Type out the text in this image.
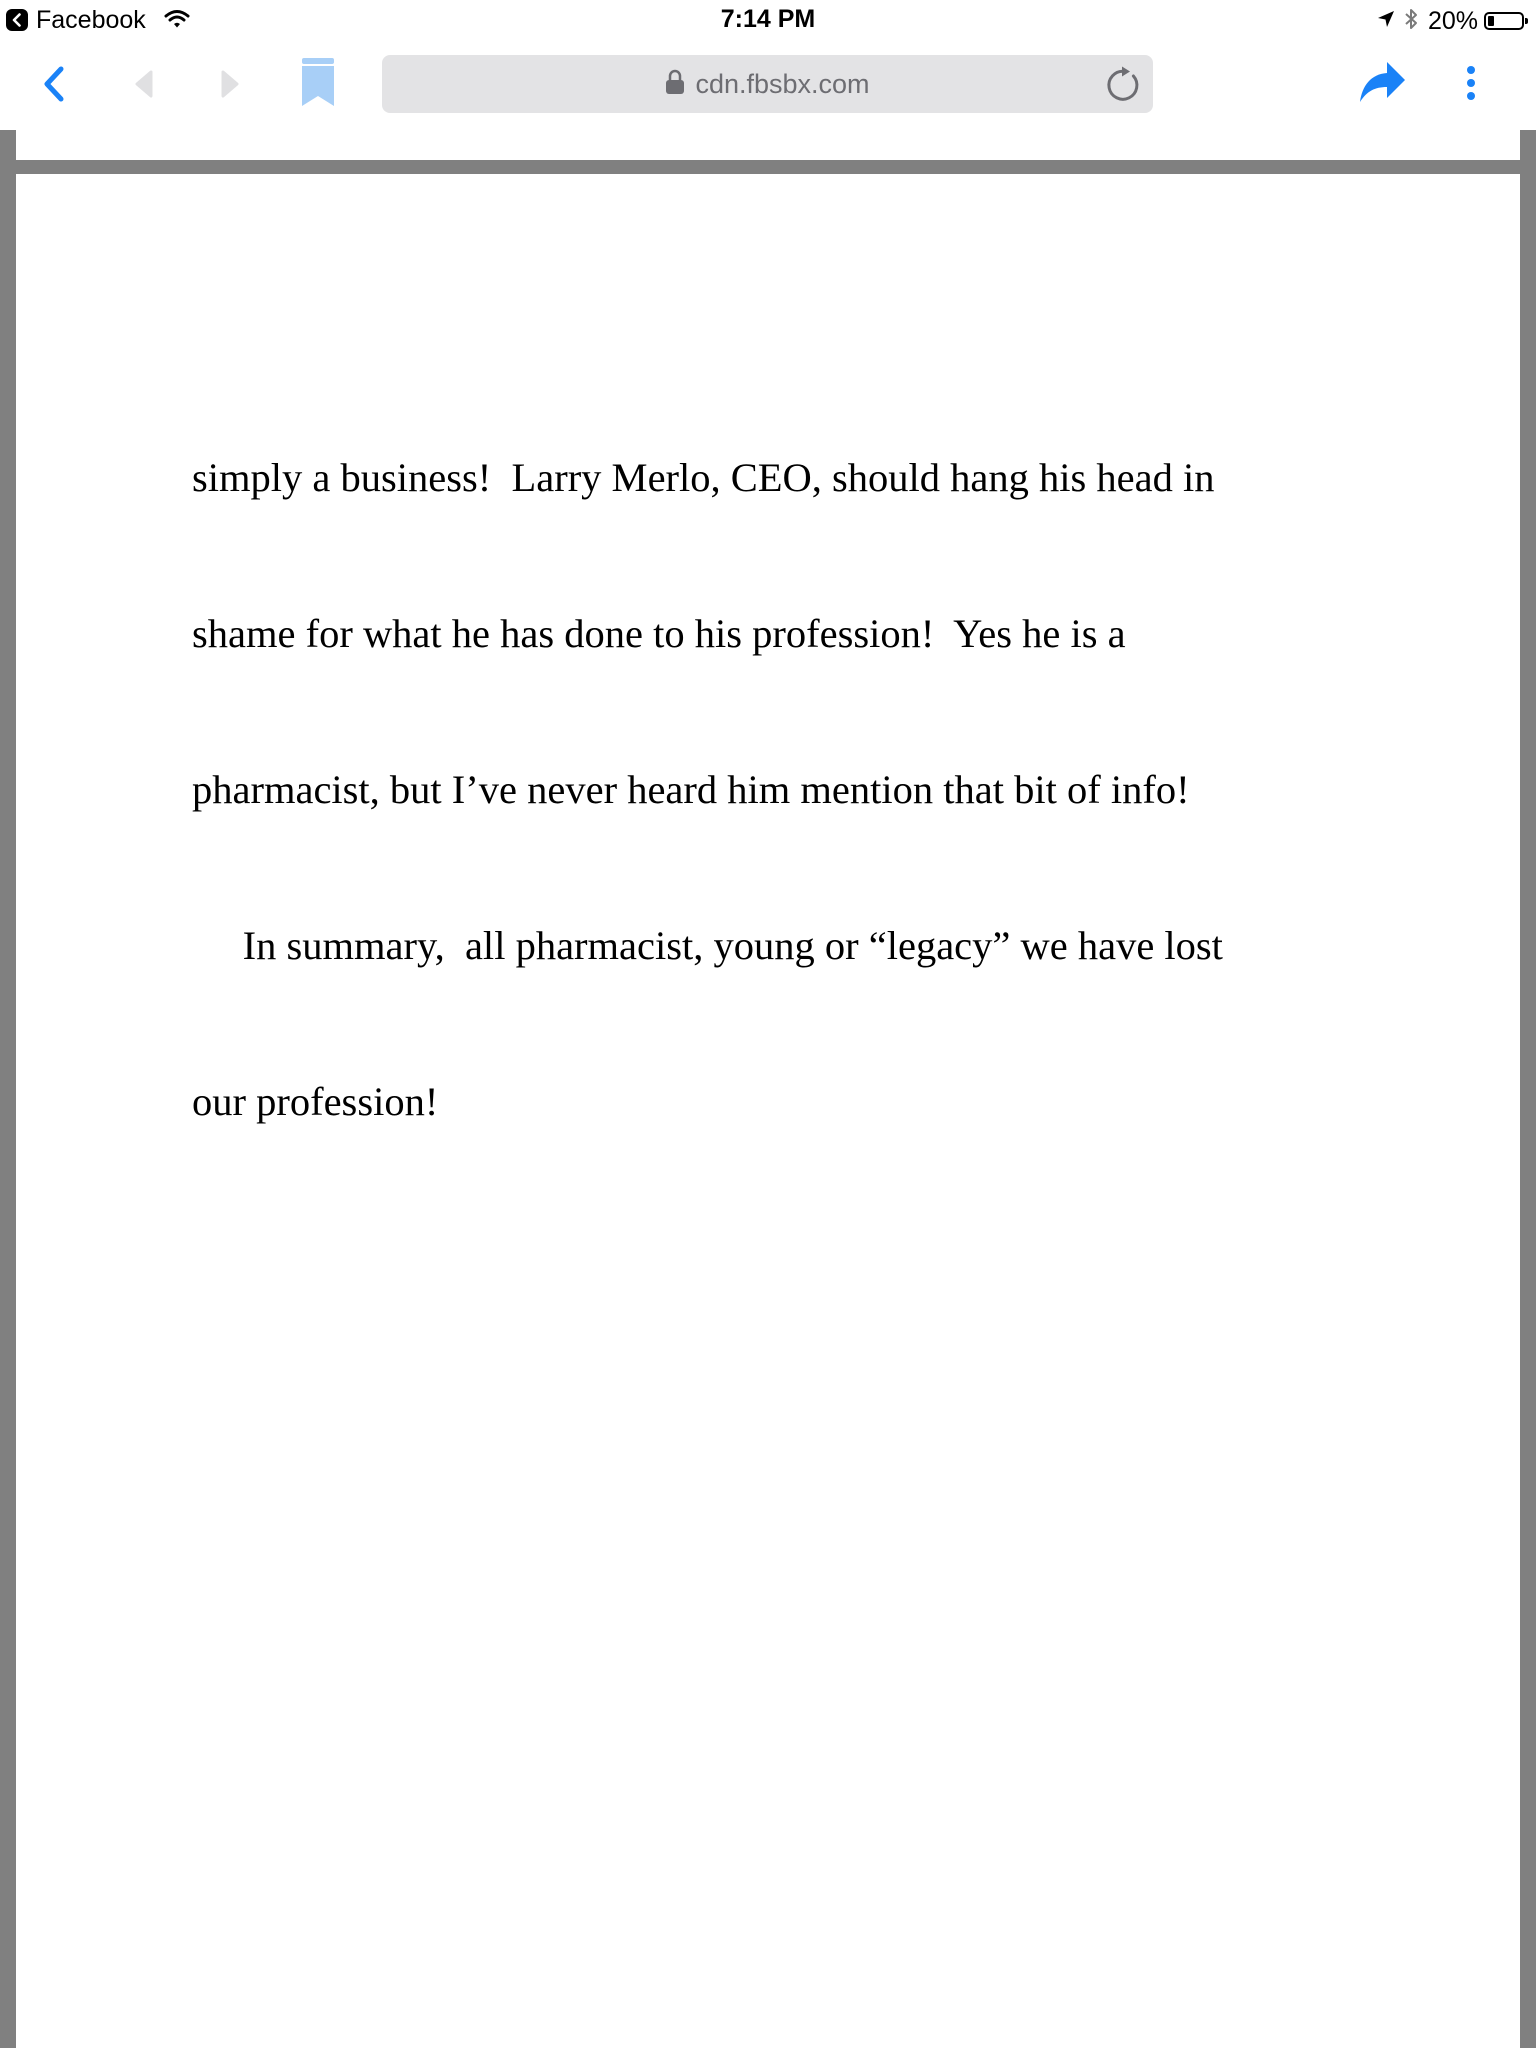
Facebook	7:14 PM	20%
cdn.fbsbx.com

simply a business!  Larry Merlo, CEO, should hang his head in

shame for what he has done to his profession!  Yes he is a

pharmacist, but I’ve never heard him mention that bit of info!

In summary,  all pharmacist, young or “legacy” we have lost

our profession!
